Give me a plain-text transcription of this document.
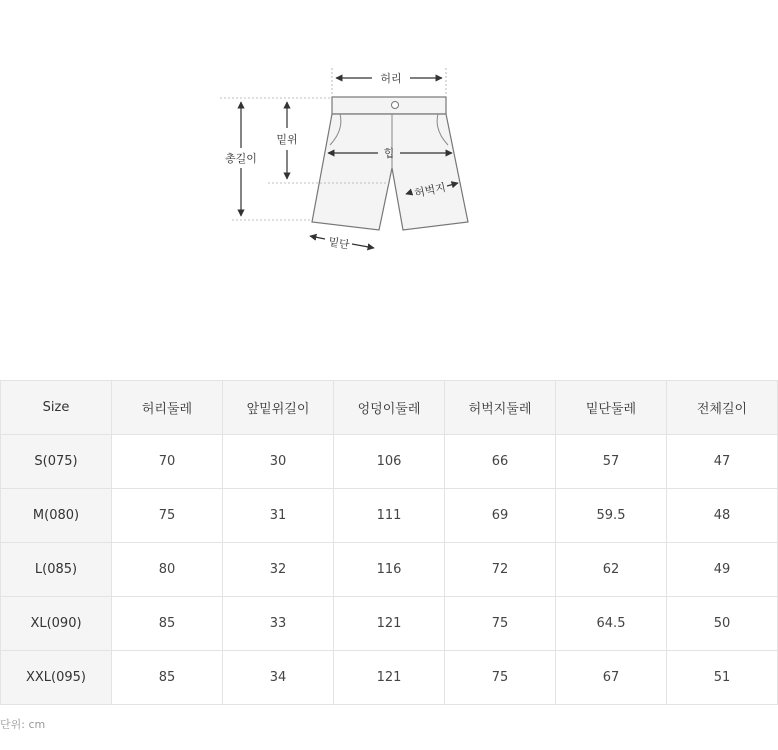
허리
밑위
총길이	힙
허벅지
밑단
Size	허리둘레	앞밑위길이	엉덩이둘레	허벅지둘레	밑단둘레	전체길이
S(075)	70	30	106	66	57	47
M(080)	75	31	111	69	59.5	48
L(085)	80	32	116	72	62	49
XL(090)	85	33	121	75	64.5	50
XXL(095)	85	34	121	75	67	51
단위: cm
